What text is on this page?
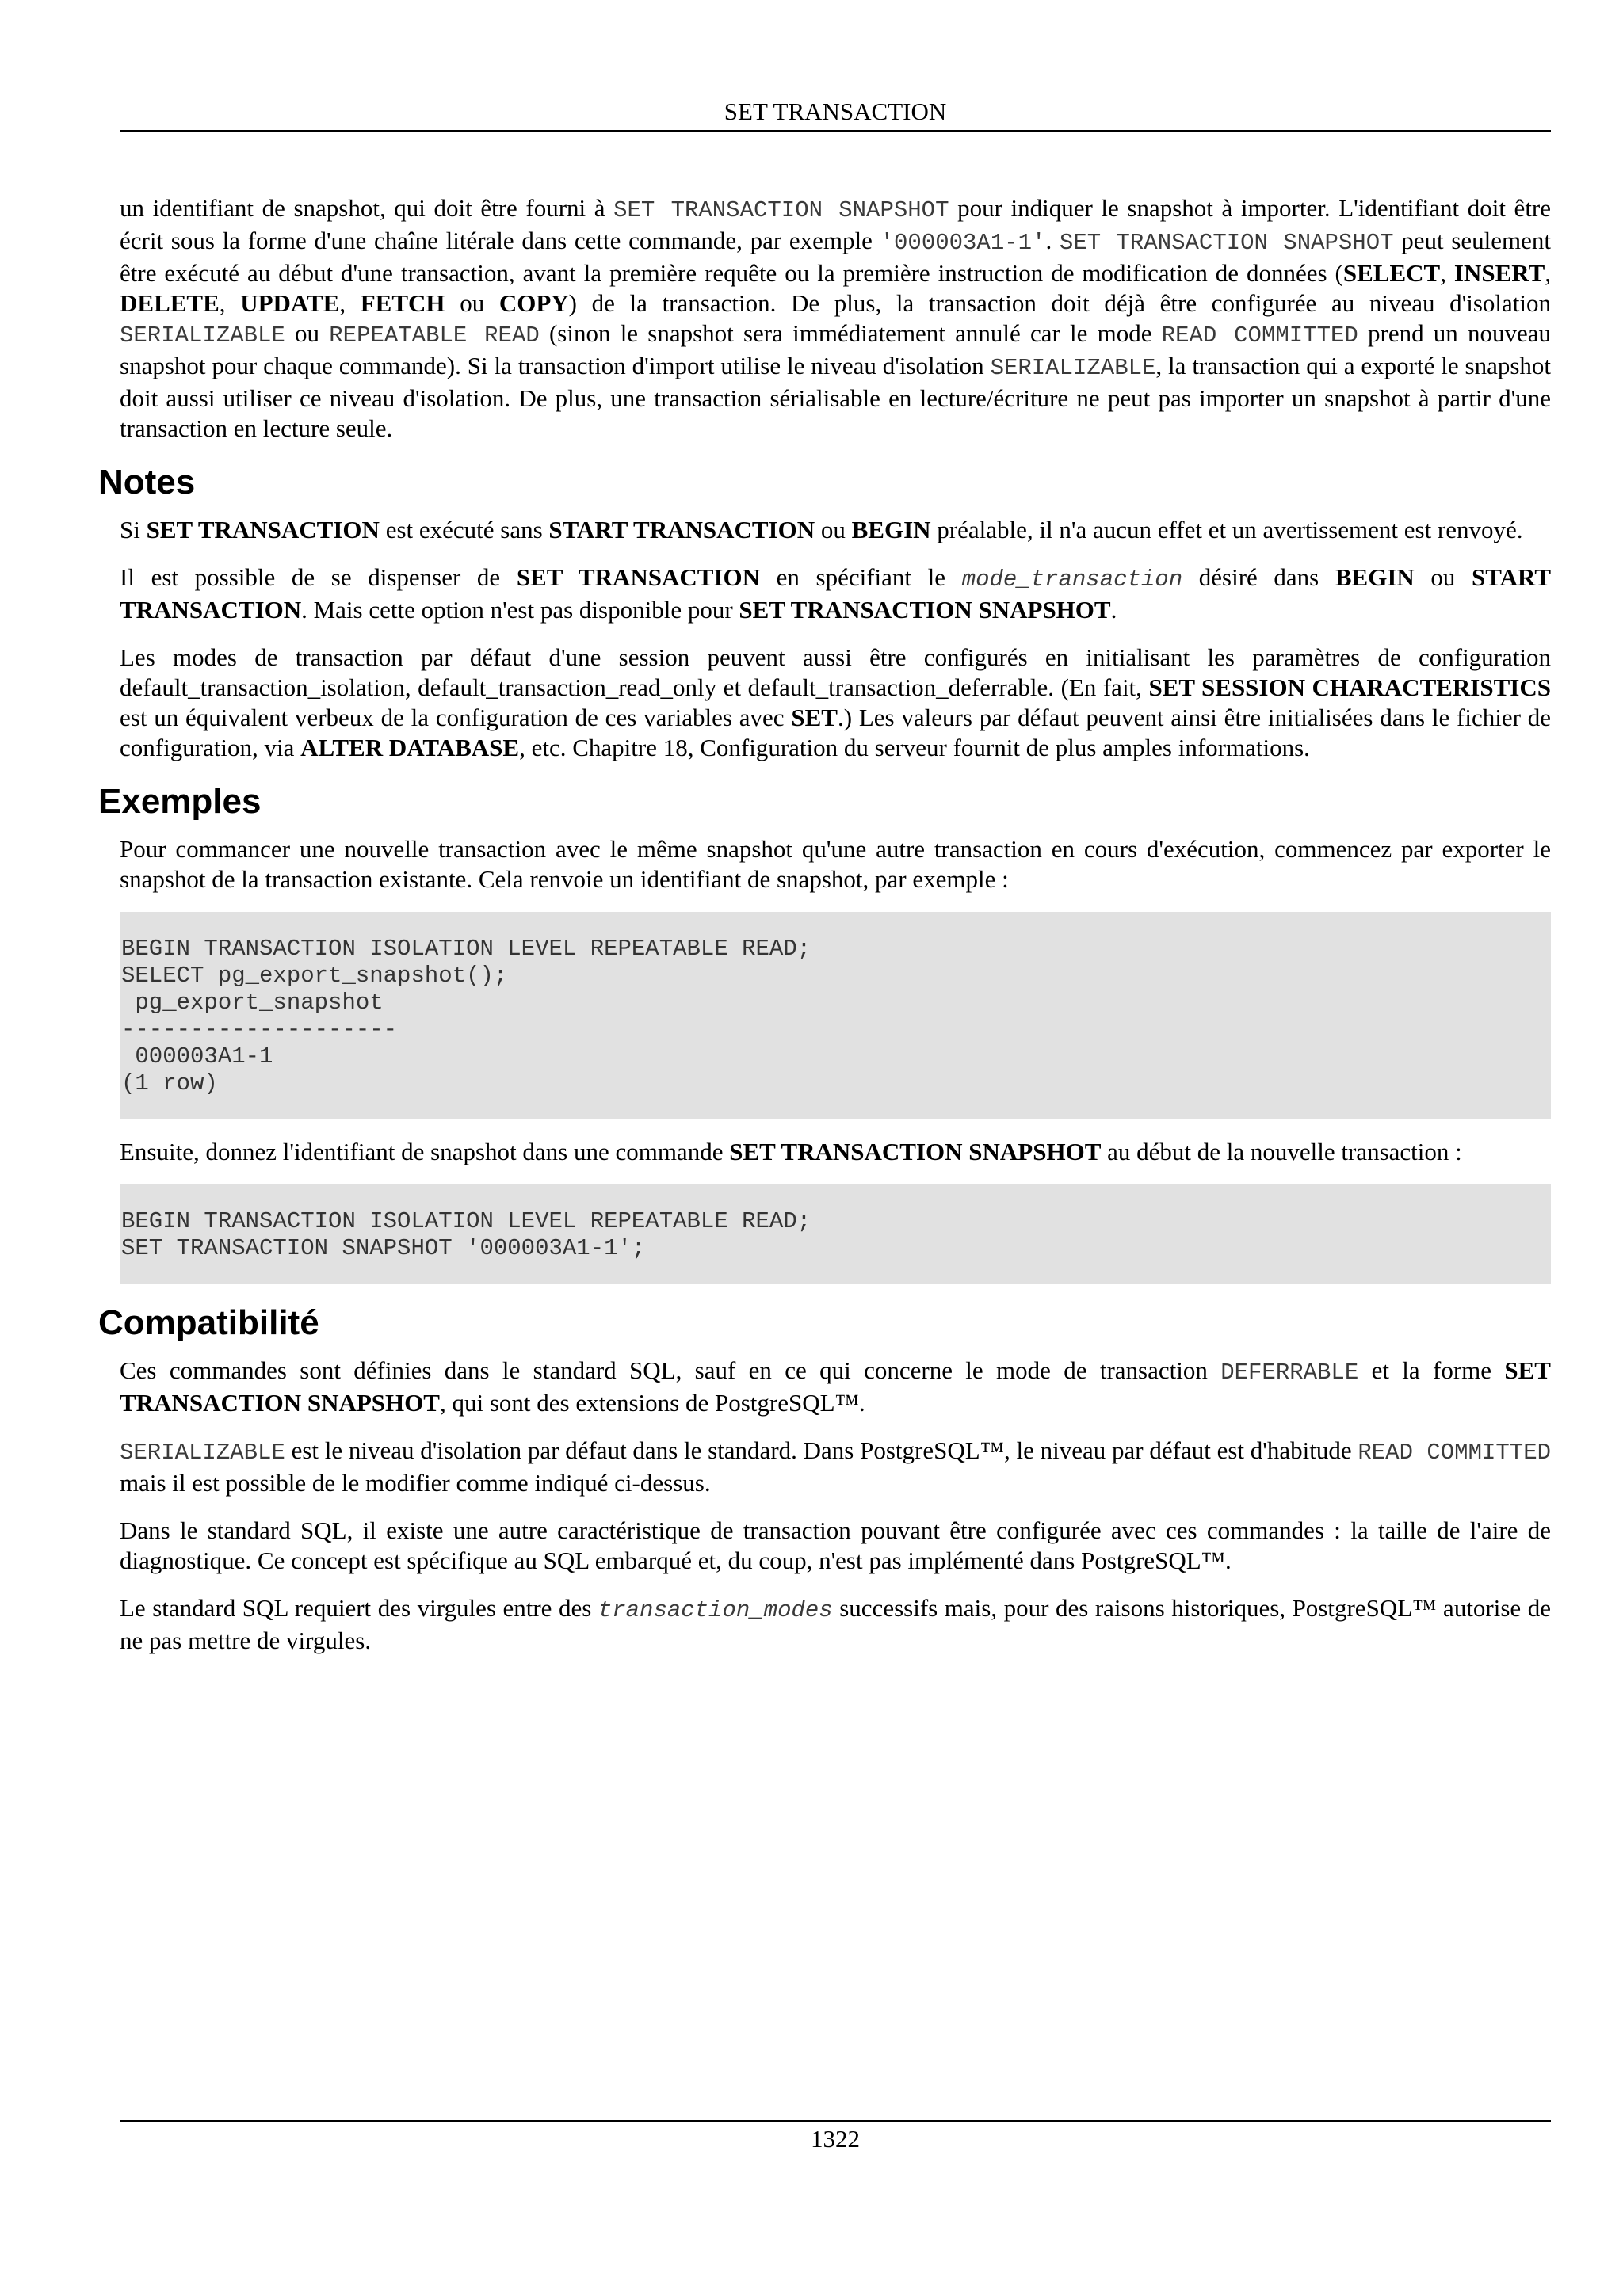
SET TRANSACTION

un identifiant de snapshot, qui doit être fourni à SET TRANSACTION SNAPSHOT pour indiquer le snapshot à importer. L'identifiant doit être écrit sous la forme d'une chaîne litérale dans cette commande, par exemple '000003A1-1'. SET TRANSACTION SNAPSHOT peut seulement être exécuté au début d'une transaction, avant la première requête ou la première instruction de modification de données (SELECT, INSERT, DELETE, UPDATE, FETCH ou COPY) de la transaction. De plus, la transaction doit déjà être configurée au niveau d'isolation SERIALIZABLE ou REPEATABLE READ (sinon le snapshot sera immédiatement annulé car le mode READ COMMITTED prend un nouveau snapshot pour chaque commande). Si la transaction d'import utilise le niveau d'isolation SERIALIZABLE, la transaction qui a exporté le snapshot doit aussi utiliser ce niveau d'isolation. De plus, une transaction sérialisable en lecture/écriture ne peut pas importer un snapshot à partir d'une transaction en lecture seule.

Notes

Si SET TRANSACTION est exécuté sans START TRANSACTION ou BEGIN préalable, il n'a aucun effet et un avertissement est renvoyé.

Il est possible de se dispenser de SET TRANSACTION en spécifiant le mode_transaction désiré dans BEGIN ou START TRANSACTION. Mais cette option n'est pas disponible pour SET TRANSACTION SNAPSHOT.

Les modes de transaction par défaut d'une session peuvent aussi être configurés en initialisant les paramètres de configuration default_transaction_isolation, default_transaction_read_only et default_transaction_deferrable. (En fait, SET SESSION CHARACTERISTICS est un équivalent verbeux de la configuration de ces variables avec SET.) Les valeurs par défaut peuvent ainsi être initialisées dans le fichier de configuration, via ALTER DATABASE, etc. Chapitre 18, Configuration du serveur fournit de plus amples informations.

Exemples

Pour commancer une nouvelle transaction avec le même snapshot qu'une autre transaction en cours d'exécution, commencez par exporter le snapshot de la transaction existante. Cela renvoie un identifiant de snapshot, par exemple :

BEGIN TRANSACTION ISOLATION LEVEL REPEATABLE READ;
SELECT pg_export_snapshot();
pg_export_snapshot
--------------------
000003A1-1
(1 row)

Ensuite, donnez l'identifiant de snapshot dans une commande SET TRANSACTION SNAPSHOT au début de la nouvelle transaction :

BEGIN TRANSACTION ISOLATION LEVEL REPEATABLE READ;
SET TRANSACTION SNAPSHOT '000003A1-1';
Compatibilité

Ces commandes sont définies dans le standard SQL, sauf en ce qui concerne le mode de transaction DEFERRABLE et la forme SET TRANSACTION SNAPSHOT, qui sont des extensions de PostgreSQL™.

SERIALIZABLE est le niveau d'isolation par défaut dans le standard. Dans PostgreSQL™, le niveau par défaut est d'habitude READ COMMITTED mais il est possible de le modifier comme indiqué ci-dessus.

Dans le standard SQL, il existe une autre caractéristique de transaction pouvant être configurée avec ces commandes : la taille de l'aire de diagnostique. Ce concept est spécifique au SQL embarqué et, du coup, n'est pas implémenté dans PostgreSQL™.

Le standard SQL requiert des virgules entre des transaction_modes successifs mais, pour des raisons historiques, PostgreSQL™ autorise de ne pas mettre de virgules.

1322
